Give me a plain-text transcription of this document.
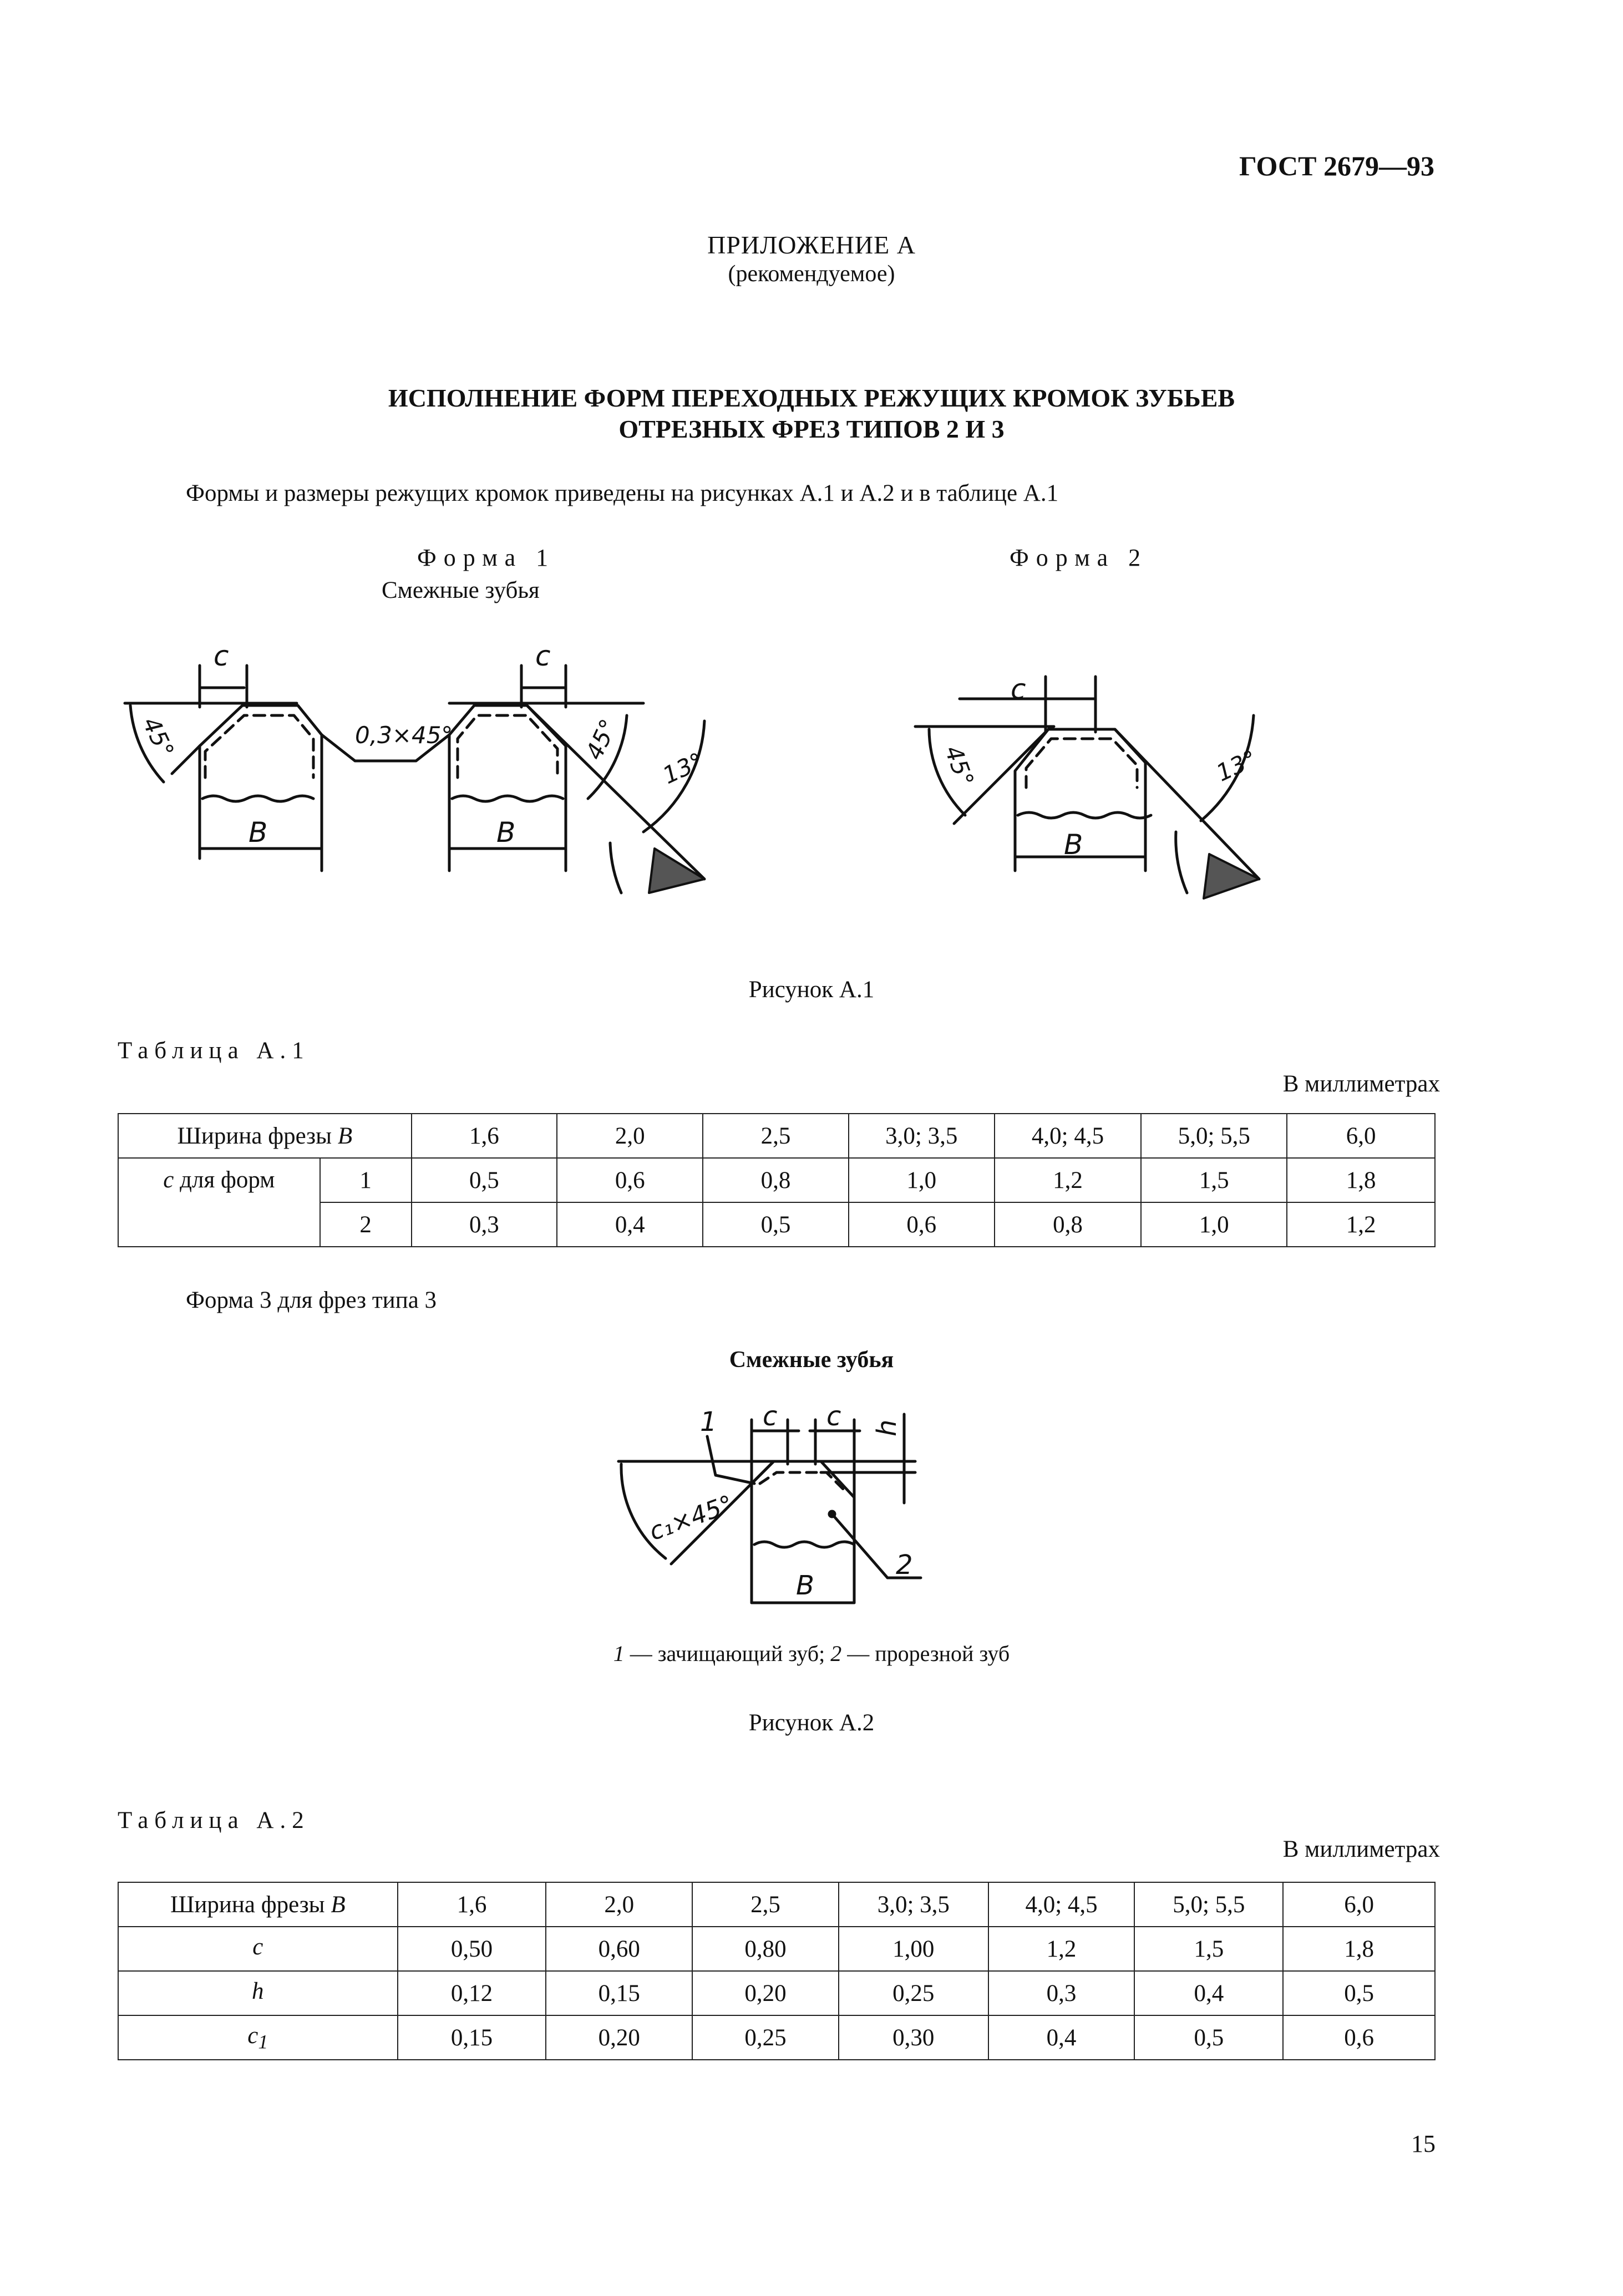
ГОСТ 2679—93
ПРИЛОЖЕНИЕ А
(рекомендуемое)
ИСПОЛНЕНИЕ ФОРМ ПЕРЕХОДНЫХ РЕЖУЩИХ КРОМОК ЗУБЬЕВ
ОТРЕЗНЫХ ФРЕЗ ТИПОВ 2 И 3
Формы и размеры режущих кромок приведены на рисунках А.1 и А.2 и в таблице А.1
Форма 1
Смежные зубья
Форма 2
c	c
B	B
45°	45°
0,3×45°
13°
c
B
45°	13°
Рисунок А.1
Таблица А.1
В миллиметрах
Ширина фрезы B		1,6	2,0	2,5	3,0; 3,5	4,0; 4,5	5,0; 5,5	6,0
c для форм	1	0,5	0,6	0,8	1,0	1,2	1,5	1,8
	2	0,3	0,4	0,5	0,6	0,8	1,0	1,2
Форма 3 для фрез типа 3
Смежные зубья
1 c c h
c₁×45°
B
2
1 — зачищающий зуб; 2 — прорезной зуб
Рисунок А.2
Таблица А.2
В миллиметрах
Ширина фрезы B	1,6	2,0	2,5	3,0; 3,5	4,0; 4,5	5,0; 5,5	6,0
c	0,50	0,60	0,80	1,00	1,2	1,5	1,8
h	0,12	0,15	0,20	0,25	0,3	0,4	0,5
$c_1$	0,15	0,20	0,25	0,30	0,4	0,5	0,6
15
